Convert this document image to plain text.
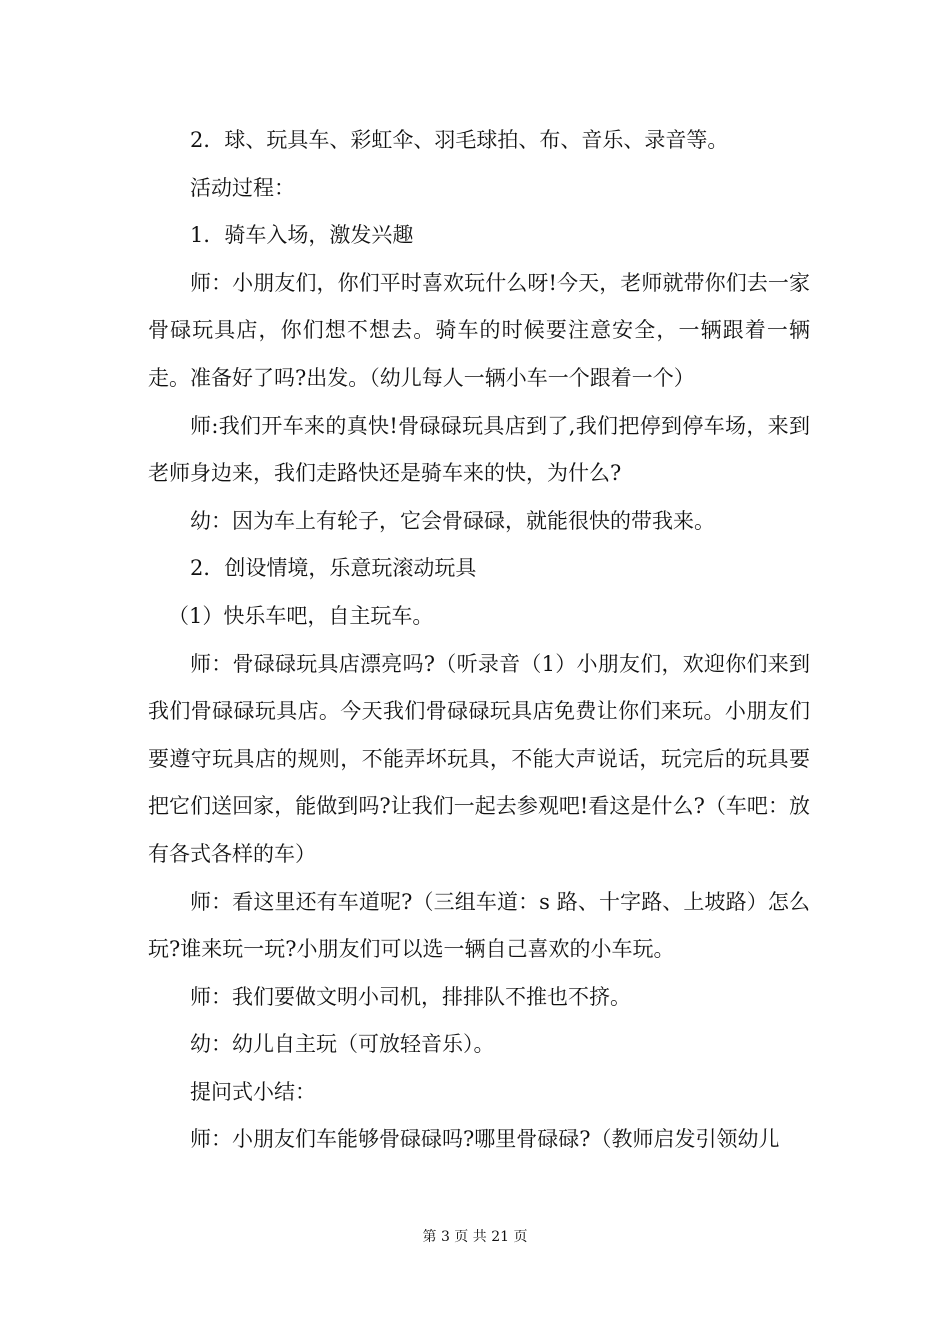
2．球、玩具车、彩虹伞、羽毛球拍、布、音乐、录音等。

活动过程：

1．骑车入场，激发兴趣

师：小朋友们，你们平时喜欢玩什么呀!今天，老师就带你们去一家骨碌玩具店，你们想不想去。骑车的时候要注意安全，一辆跟着一辆走。准备好了吗?出发。（幼儿每人一辆小车一个跟着一个）

师:我们开车来的真快!骨碌碌玩具店到了,我们把停到停车场，来到老师身边来，我们走路快还是骑车来的快，为什么?

幼：因为车上有轮子，它会骨碌碌，就能很快的带我来。

2．创设情境，乐意玩滚动玩具

（1）快乐车吧，自主玩车。

师：骨碌碌玩具店漂亮吗?（听录音（1）小朋友们，欢迎你们来到我们骨碌碌玩具店。今天我们骨碌碌玩具店免费让你们来玩。小朋友们要遵守玩具店的规则，不能弄坏玩具，不能大声说话，玩完后的玩具要把它们送回家，能做到吗?让我们一起去参观吧!看这是什么?（车吧：放有各式各样的车）

师：看这里还有车道呢?（三组车道：s 路、十字路、上坡路）怎么玩?谁来玩一玩?小朋友们可以选一辆自己喜欢的小车玩。

师：我们要做文明小司机，排排队不推也不挤。

幼：幼儿自主玩（可放轻音乐）。

提问式小结：

师：小朋友们车能够骨碌碌吗?哪里骨碌碌?（教师启发引领幼儿

第 3 页 共 21 页
